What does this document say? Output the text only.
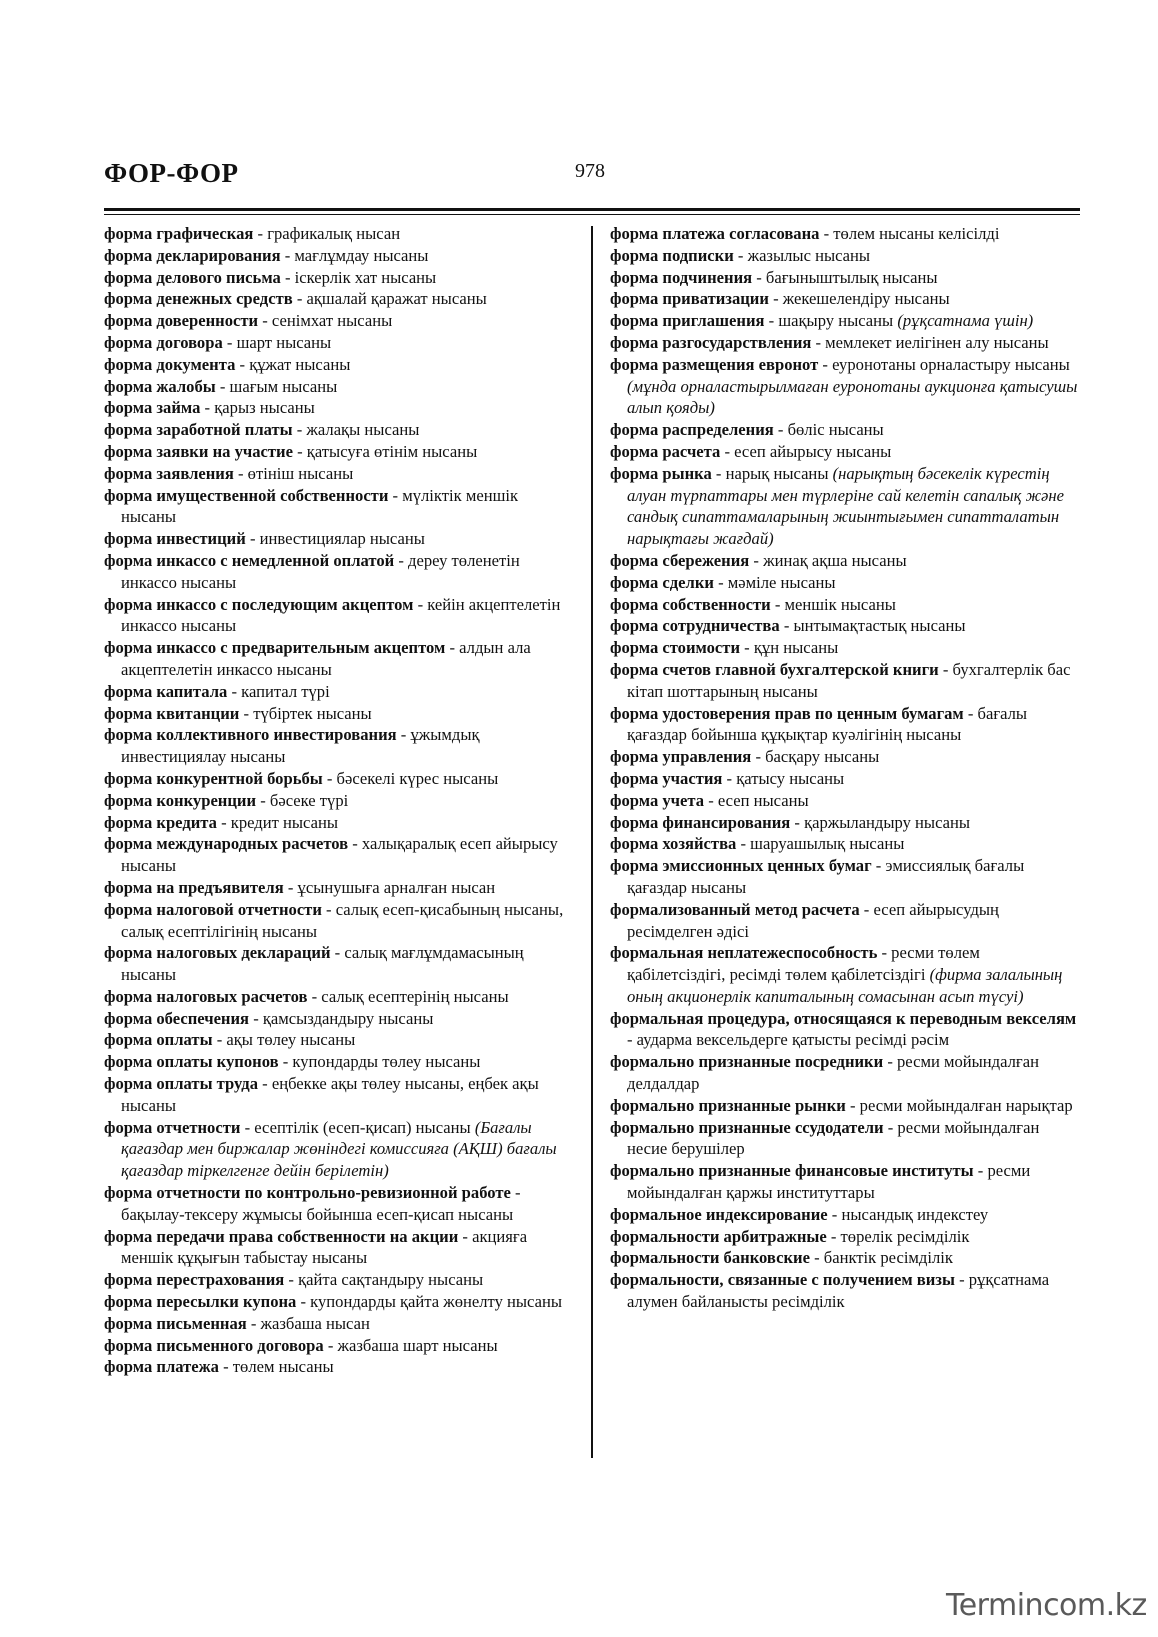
ФОР-ФОР	978

форма графическая - графикалық нысан

форма декларирования - мағлұмдау нысаны

форма делового письма - іскерлік хат нысаны

форма денежных средств - ақшалай қаражат нысаны

форма доверенности - сенімхат нысаны

форма договора - шарт нысаны

форма документа - құжат нысаны

форма жалобы - шағым нысаны

форма займа - қарыз нысаны

форма заработной платы - жалақы нысаны

форма заявки на участие - қатысуға өтінім нысаны

форма заявления - өтініш нысаны

форма имущественной собственности - мүліктік меншік нысаны

форма инвестиций - инвестициялар нысаны

форма инкассо с немедленной оплатой - дереу төленетін инкассо нысаны

форма инкассо с последующим акцептом - кейін акцептелетін инкассо нысаны

форма инкассо с предварительным акцептом - алдын ала акцептелетін инкассо нысаны

форма капитала - капитал түрі

форма квитанции - түбіртек нысаны

форма коллективного инвестирования - ұжымдық инвестициялау нысаны

форма конкурентной борьбы - бәсекелі күрес нысаны

форма конкуренции - бәсеке түрі

форма кредита - кредит нысаны

форма международных расчетов - халықаралық есеп айырысу нысаны

форма на предъявителя - ұсынушыға арналған нысан

форма налоговой отчетности - салық есеп-қисабының нысаны, салық есептілігінің нысаны

форма налоговых деклараций - салық мағлұмдамасының нысаны

форма налоговых расчетов - салық есептерінің нысаны

форма обеспечения - қамсыздандыру нысаны

форма оплаты - ақы төлеу нысаны

форма оплаты купонов - купондарды төлеу нысаны

форма оплаты труда - еңбекке ақы төлеу нысаны, еңбек ақы нысаны

форма отчетности - есептілік (есеп-қисап) нысаны (Бағалы қағаздар мен биржалар жөніндегі комиссияға (АҚШ) бағалы қағаздар тіркелгенге дейін берілетін)

форма отчетности по контрольно-ревизионной работе - бақылау-тексеру жұмысы бойынша есеп-қисап нысаны

форма передачи права собственности на акции - акцияға меншік құқығын табыстау нысаны

форма перестрахования - қайта сақтандыру нысаны

форма пересылки купона - купондарды қайта жөнелту нысаны

форма письменная - жазбаша нысан

форма письменного договора - жазбаша шарт нысаны

форма платежа - төлем нысаны

форма платежа согласована - төлем нысаны келісілді

форма подписки - жазылыс нысаны

форма подчинения - бағыныштылық нысаны

форма приватизации - жекешелендіру нысаны

форма приглашения - шақыру нысаны (рұқсатнама үшін)

форма разгосударствления - мемлекет иелігінен алу нысаны

форма размещения евронот - еуронотаны орналастыру нысаны (мұнда орналастырылмаған еуронотаны аукционға қатысушы алып қояды)

форма распределения - бөліс нысаны

форма расчета - есеп айырысу нысаны

форма рынка - нарық нысаны (нарықтың бәсекелік күрестің алуан түрпаттары мен түрлеріне сай келетін сапалық және сандық сипаттамаларының жиынтығымен сипатталатын нарықтағы жағдай)

форма сбережения - жинақ ақша нысаны

форма сделки - мәміле нысаны

форма собственности - меншік нысаны

форма сотрудничества - ынтымақтастық нысаны

форма стоимости - құн нысаны

форма счетов главной бухгалтерской книги - бухгалтерлік бас кітап шоттарының нысаны

форма удостоверения прав по ценным бумагам - бағалы қағаздар бойынша құқықтар куәлігінің нысаны

форма управления - басқару нысаны

форма участия - қатысу нысаны

форма учета - есеп нысаны

форма финансирования - қаржыландыру нысаны

форма хозяйства - шаруашылық нысаны

форма эмиссионных ценных бумаг - эмиссиялық бағалы қағаздар нысаны

формализованный метод расчета - есеп айырысудың ресімделген әдісі

формальная неплатежеспособность - ресми төлем қабілетсіздігі, ресімді төлем қабілетсіздігі (фирма залалының оның акционерлік капиталының сомасынан асып түсуі)

формальная процедура, относящаяся к переводным векселям - аударма вексельдерге қатысты ресімді рәсім

формально признанные посредники - ресми мойындалған делдалдар

формально признанные рынки - ресми мойындалған нарықтар

формально признанные ссудодатели - ресми мойындалған несие берушілер

формально признанные финансовые институты - ресми мойындалған қаржы институттары

формальное индексирование - нысандық индекстеу

формальности арбитражные - төрелік ресімділік

формальности банковские - банктік ресімділік

формальности, связанные с получением визы - рұқсатнама алумен байланысты ресімділік

Termincom.kz
